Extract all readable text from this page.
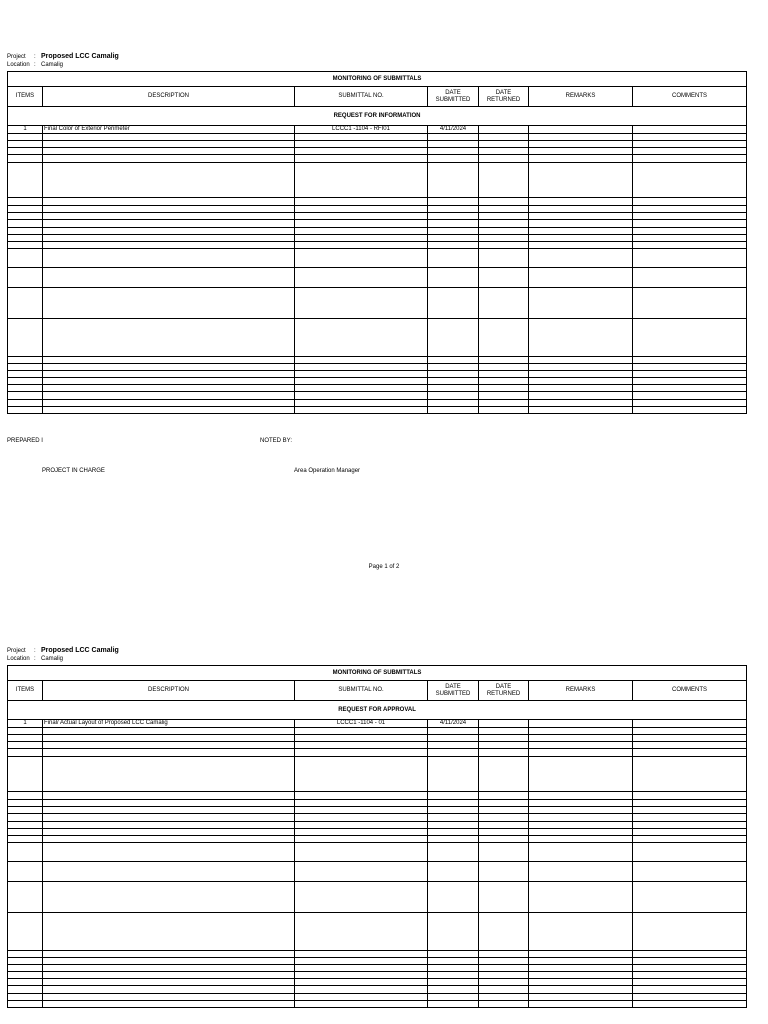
Project : Proposed LCC Camalig
Location : Camalig
MONITORING OF SUBMITTALS						
ITEMS	DESCRIPTION	SUBMITTAL NO.	DATE SUBMITTED	DATE RETURNED	REMARKS	COMMENTS
REQUEST FOR INFORMATION						
1	Final Color of Exterior Perimeter	LCCC1 -1104 - RFI01	4/11/2024			

PREPARED I	NOTED BY:
PROJECT IN CHARGE	Area Operation Manager
Page 1 of 2
Project : Proposed LCC Camalig
Location : Camalig
MONITORING OF SUBMITTALS						
ITEMS	DESCRIPTION	SUBMITTAL NO.	DATE SUBMITTED	DATE RETURNED	REMARKS	COMMENTS
REQUEST FOR APPROVAL						
1	Final/ Actual Layout of Proposed LCC Camalig	LCCC1 -1104 - 01	4/11/2024			
